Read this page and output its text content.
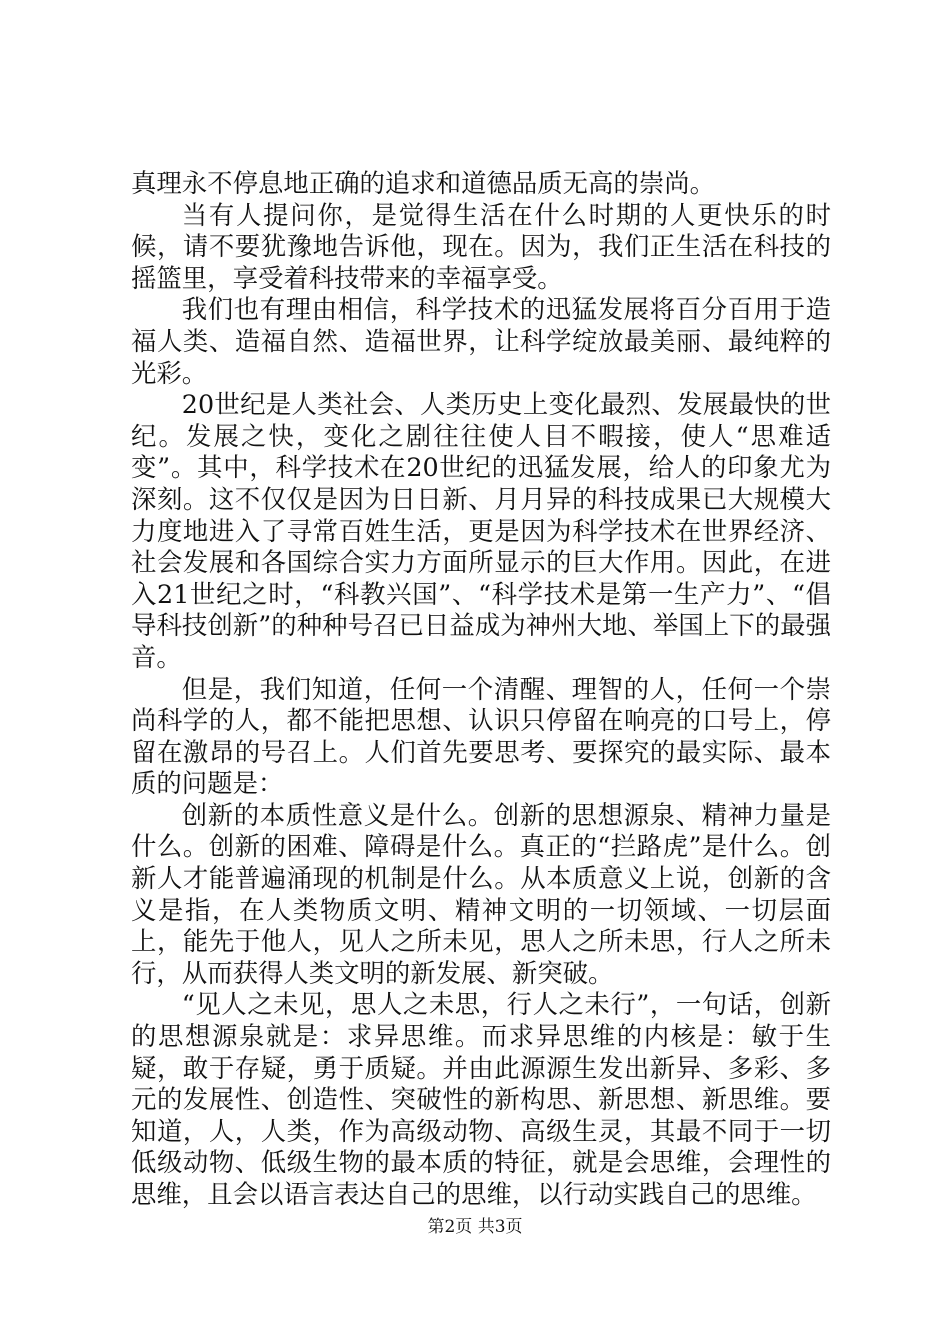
真理永不停息地正确的追求和道德品质无高的崇尚。

当有人提问你，是觉得生活在什么时期的人更快乐的时候，请不要犹豫地告诉他，现在。因为，我们正生活在科技的摇篮里，享受着科技带来的幸福享受。

我们也有理由相信，科学技术的迅猛发展将百分百用于造福人类、造福自然、造福世界，让科学绽放最美丽、最纯粹的光彩。

20世纪是人类社会、人类历史上变化最烈、发展最快的世纪。发展之快，变化之剧往往使人目不暇接，使人“思难适变”。其中，科学技术在20世纪的迅猛发展，给人的印象尤为深刻。这不仅仅是因为日日新、月月异的科技成果已大规模大力度地进入了寻常百姓生活，更是因为科学技术在世界经济、社会发展和各国综合实力方面所显示的巨大作用。因此，在进入21世纪之时，“科教兴国”、“科学技术是第一生产力”、“倡导科技创新”的种种号召已日益成为神州大地、举国上下的最强音。

但是，我们知道，任何一个清醒、理智的人，任何一个崇尚科学的人，都不能把思想、认识只停留在响亮的口号上，停留在激昂的号召上。人们首先要思考、要探究的最实际、最本质的问题是：

创新的本质性意义是什么。创新的思想源泉、精神力量是什么。创新的困难、障碍是什么。真正的“拦路虎”是什么。创新人才能普遍涌现的机制是什么。从本质意义上说，创新的含义是指，在人类物质文明、精神文明的一切领域、一切层面上，能先于他人，见人之所未见，思人之所未思，行人之所未行，从而获得人类文明的新发展、新突破。

“见人之未见，思人之未思，行人之未行”，一句话，创新的思想源泉就是：求异思维。而求异思维的内核是：敏于生疑，敢于存疑，勇于质疑。并由此源源生发出新异、多彩、多元的发展性、创造性、突破性的新构思、新思想、新思维。要知道，人，人类，作为高级动物、高级生灵，其最不同于一切低级动物、低级生物的最本质的特征，就是会思维，会理性的思维，且会以语言表达自己的思维，以行动实践自己的思维。

第2页 共3页
